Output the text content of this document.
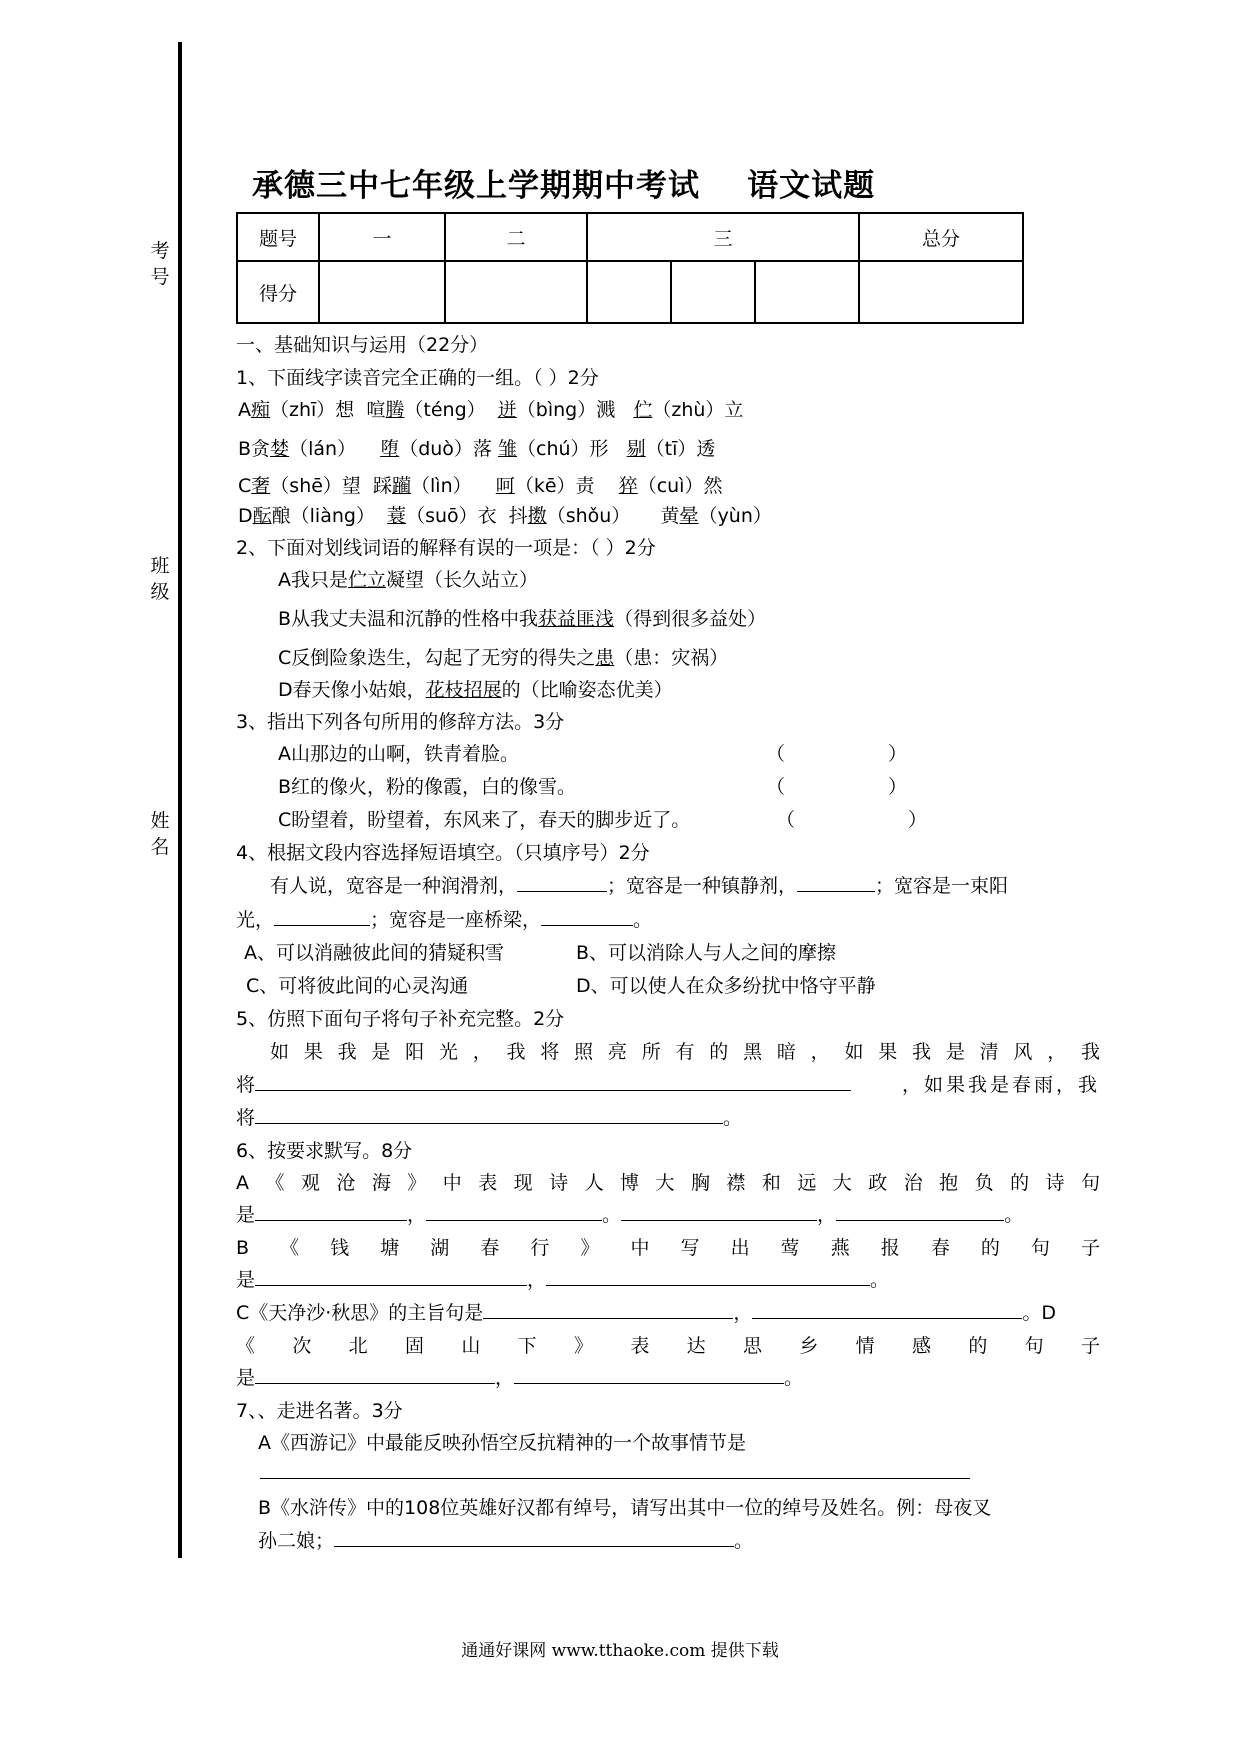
考号
班级
姓名
承德三中七年级上学期期中考试    语文试题
题号	一	二	三			总分
得分						
一、基础知识与运用（22分）
1、下面线字读音完全正确的一组。（ ）2分
A痴（zhī）想  喧腾（téng）  迸（bìng）溅   伫（zhù）立
B贪婪（lán）    堕（duò）落 雏（chú）形   剔（tī）透
C奢（shē）望  踩躏（lìn）    呵（kē）责    猝（cuì）然
D酝酿（liàng）  蓑（suō）衣  抖擞（shǒu）     黄晕（yùn）
2、下面对划线词语的解释有误的一项是：（ ）2分
A我只是伫立凝望（长久站立）
B从我丈夫温和沉静的性格中我获益匪浅（得到很多益处）
C反倒险象迭生，勾起了无穷的得失之患（患：灾祸）
D春天像小姑娘，花枝招展的（比喻姿态优美）
3、指出下列各句所用的修辞方法。3分
A山那边的山啊，铁青着脸。	（	）
B红的像火，粉的像霞，白的像雪。	（	）
C盼望着，盼望着，东风来了，春天的脚步近了。	（	）
4、根据文段内容选择短语填空。（只填序号）2分
有人说，宽容是一种润滑剂，	；宽容是一种镇静剂，	；宽容是一束阳
光，	；宽容是一座桥梁，	。
A、可以消融彼此间的猜疑积雪	B、可以消除人与人之间的摩擦
C、可将彼此间的心灵沟通	D、可以使人在众多纷扰中恪守平静
5、仿照下面句子将句子补充完整。2分
如果我是阳光，我将照亮所有的黑暗，如果我是清风，我
将	，如果我是春雨，我
将	。
6、按要求默写。8分
A《观沧海》中表现诗人博大胸襟和远大政治抱负的诗句
是	，	。	，	。
B《钱塘湖春行》中写出莺燕报春的句子
是	，	。
C《天净沙·秋思》的主旨句是	，	。D
《次北固山下》表达思乡情感的句子
是	，	。
7、、走进名著。3分
A《西游记》中最能反映孙悟空反抗精神的一个故事情节是
B《水浒传》中的108位英雄好汉都有绰号，请写出其中一位的绰号及姓名。例：母夜叉
孙二娘；	。
通通好课网 www.tthaoke.com 提供下载
